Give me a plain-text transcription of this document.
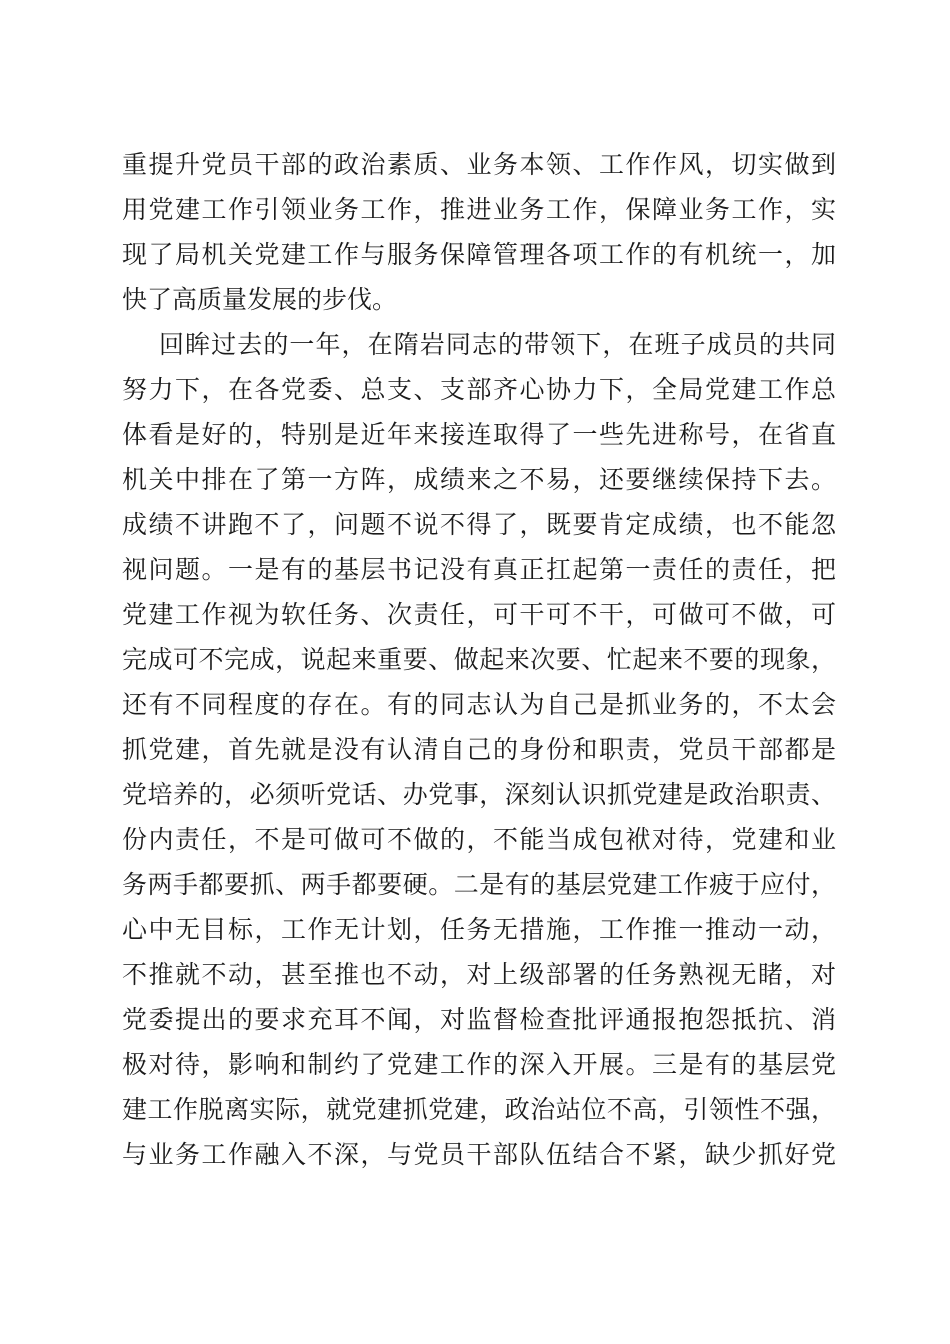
重提升党员干部的政治素质、业务本领、工作作风，切实做到
用党建工作引领业务工作，推进业务工作，保障业务工作，实
现了局机关党建工作与服务保障管理各项工作的有机统一，加
快了高质量发展的步伐。
回眸过去的一年，在隋岩同志的带领下，在班子成员的共同
努力下，在各党委、总支、支部齐心协力下，全局党建工作总
体看是好的，特别是近年来接连取得了一些先进称号，在省直
机关中排在了第一方阵，成绩来之不易，还要继续保持下去。
成绩不讲跑不了，问题不说不得了，既要肯定成绩，也不能忽
视问题。一是有的基层书记没有真正扛起第一责任的责任，把
党建工作视为软任务、次责任，可干可不干，可做可不做，可
完成可不完成，说起来重要、做起来次要、忙起来不要的现象，
还有不同程度的存在。有的同志认为自己是抓业务的，不太会
抓党建，首先就是没有认清自己的身份和职责，党员干部都是
党培养的，必须听党话、办党事，深刻认识抓党建是政治职责、
份内责任，不是可做可不做的，不能当成包袱对待，党建和业
务两手都要抓、两手都要硬。二是有的基层党建工作疲于应付，
心中无目标，工作无计划，任务无措施，工作推一推动一动，
不推就不动，甚至推也不动，对上级部署的任务熟视无睹，对
党委提出的要求充耳不闻，对监督检查批评通报抱怨抵抗、消
极对待，影响和制约了党建工作的深入开展。三是有的基层党
建工作脱离实际，就党建抓党建，政治站位不高，引领性不强，
与业务工作融入不深，与党员干部队伍结合不紧，缺少抓好党
